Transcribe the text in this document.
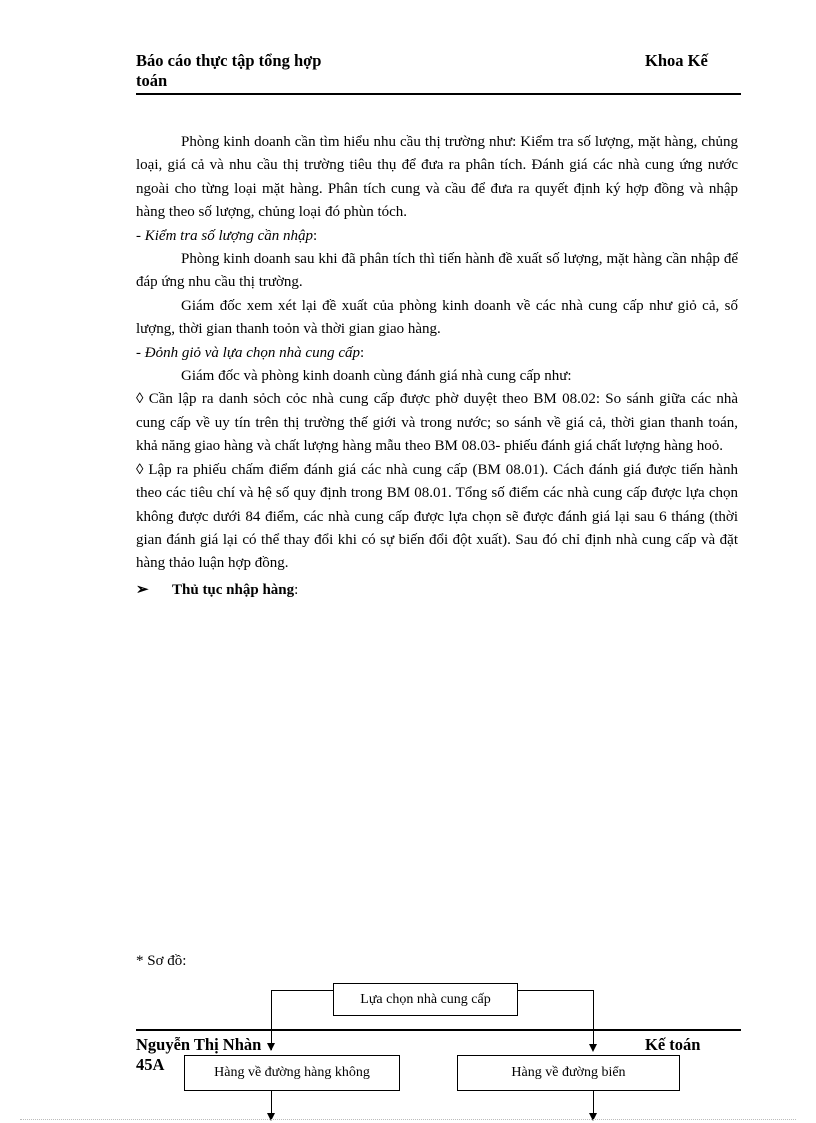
Báo cáo thực tập tổng hợp
toán
Khoa Kế

Phòng kinh doanh cần tìm hiểu nhu cầu thị trường như: Kiểm tra số lượng, mặt hàng, chủng loại, giá cả và nhu cầu thị trường tiêu thụ để đưa ra phân tích. Đánh giá các nhà cung ứng nước ngoài cho từng loại mặt hàng. Phân tích cung và cầu để đưa ra quyết định ký hợp đồng và nhập hàng theo số lượng, chủng loại đó phùn tóch.

- Kiểm tra số lượng cần nhập:

Phòng kinh doanh sau khi đã phân tích thì tiến hành đề xuất số lượng, mặt hàng cần nhập để đáp ứng nhu cầu thị trường.

Giám đốc xem xét lại đề xuất của phòng kinh doanh về các nhà cung cấp như giỏ cả, số lượng, thời gian thanh toỏn và thời gian giao hàng.

- Đỏnh giỏ và lựa chọn nhà cung cấp:

Giám đốc và phòng kinh doanh cùng đánh giá nhà cung cấp như:

◊ Cần lập ra danh sỏch cỏc nhà cung cấp được phờ duyệt theo BM 08.02: So sánh giữa các nhà cung cấp về uy tín trên thị trường thế giới và trong nước; so sánh về giá cả, thời gian thanh toán, khả năng giao hàng và chất lượng hàng mẫu theo BM 08.03- phiếu đánh giá chất lượng hàng hoỏ.

◊ Lập ra phiếu chấm điểm đánh giá các nhà cung cấp (BM 08.01). Cách đánh giá được tiến hành theo các tiêu chí và hệ số quy định trong BM 08.01. Tổng số điểm các nhà cung cấp được lựa chọn không được dưới 84 điểm, các nhà cung cấp được lựa chọn sẽ được đánh giá lại sau 6 tháng (thời gian đánh giá lại có thể thay đổi khi có sự biến đổi đột xuất). Sau đó chỉ định nhà cung cấp và đặt hàng thảo luận hợp đồng.

➢ Thủ tục nhập hàng:

* Sơ đồ:
Lựa chọn nhà cung cấp
Nguyễn Thị Nhàn
45A
Kế toán
Hàng về đường hàng không	Hàng về đường biển
